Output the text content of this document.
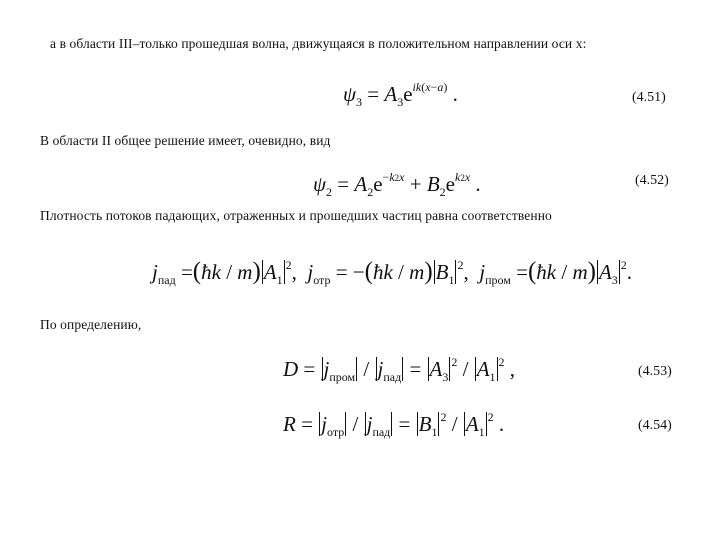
а в области III–только прошедшая волна, движущаяся в положительном направлении оси x:
$\psi_3 = A_3e^{ik(x-a)}$ .	(4.51)
В области II общее решение имеет, очевидно, вид
$\psi_2 = A_2e^{-k2x} + B_2e^{k2x}$ .	(4.52)
Плотность потоков падающих, отраженных и прошедших частиц равна соответственно
$j_{пад}$ =(ħk / m) $A_1^2$,  $j_{отр}$ = −(ħk / m) $B_1^2$,  $j_{пром}$ =(ħk / m) $A_3^2$.
По определению,
$D = j_{пром} / j_{пад} = A_3^2 / A_1^2$ ,	(4.53)
$R = j_{отр} / j_{пад} = B_1^2 / A_1^2$ .	(4.54)
